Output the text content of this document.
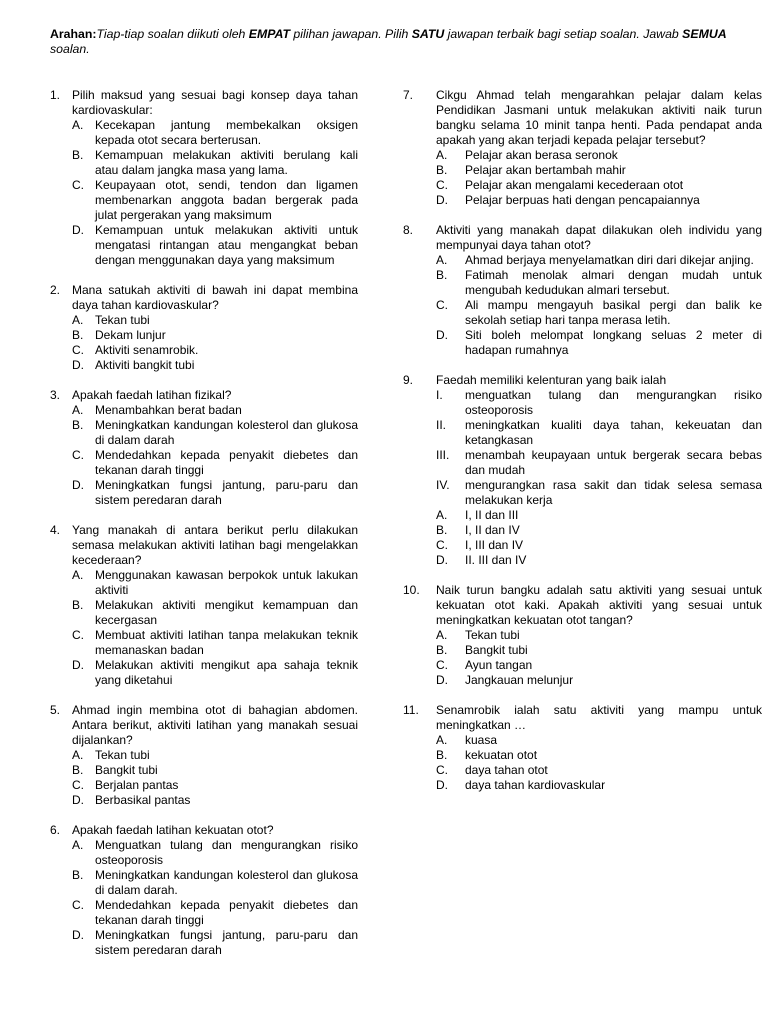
Arahan:Tiap-tiap soalan diikuti oleh EMPAT pilihan jawapan. Pilih SATU jawapan terbaik bagi setiap soalan. Jawab SEMUA soalan.
1. Pilih maksud yang sesuai bagi konsep daya tahan kardiovaskular:
A. Kecekapan jantung membekalkan oksigen kepada otot secara berterusan.
B. Kemampuan melakukan aktiviti berulang kali atau dalam jangka masa yang lama.
C. Keupayaan otot, sendi, tendon dan ligamen membenarkan anggota badan bergerak pada julat pergerakan yang maksimum
D. Kemampuan untuk melakukan aktiviti untuk mengatasi rintangan atau mengangkat beban dengan menggunakan daya yang maksimum
2. Mana satukah aktiviti di bawah ini dapat membina daya tahan kardiovaskular?
A. Tekan tubi
B. Dekam lunjur
C. Aktiviti senamrobik.
D. Aktiviti bangkit tubi
3. Apakah faedah latihan fizikal?
A. Menambahkan berat badan
B. Meningkatkan kandungan kolesterol dan glukosa di dalam darah
C. Mendedahkan kepada penyakit diebetes dan tekanan darah tinggi
D. Meningkatkan fungsi jantung, paru-paru dan sistem peredaran darah
4. Yang manakah di antara berikut perlu dilakukan semasa melakukan aktiviti latihan bagi mengelakkan kecederaan?
A. Menggunakan kawasan berpokok untuk lakukan aktiviti
B. Melakukan aktiviti mengikut kemampuan dan kecergasan
C. Membuat aktiviti latihan tanpa melakukan teknik memanaskan badan
D. Melakukan aktiviti mengikut apa sahaja teknik yang diketahui
5. Ahmad ingin membina otot di bahagian abdomen. Antara berikut, aktiviti latihan yang manakah sesuai dijalankan?
A. Tekan tubi
B. Bangkit tubi
C. Berjalan pantas
D. Berbasikal pantas
6. Apakah faedah latihan kekuatan otot?
A. Menguatkan tulang dan mengurangkan risiko osteoporosis
B. Meningkatkan kandungan kolesterol dan glukosa di dalam darah.
C. Mendedahkan kepada penyakit diebetes dan tekanan darah tinggi
D. Meningkatkan fungsi jantung, paru-paru dan sistem peredaran darah
7. Cikgu Ahmad telah mengarahkan pelajar dalam kelas Pendidikan Jasmani untuk melakukan aktiviti naik turun bangku selama 10 minit tanpa henti. Pada pendapat anda apakah yang akan terjadi kepada pelajar tersebut?
A. Pelajar akan berasa seronok
B. Pelajar akan bertambah mahir
C. Pelajar akan mengalami kecederaan otot
D. Pelajar berpuas hati dengan pencapaiannya
8. Aktiviti yang manakah dapat dilakukan oleh individu yang mempunyai daya tahan otot?
A. Ahmad berjaya menyelamatkan diri dari dikejar anjing.
B. Fatimah menolak almari dengan mudah untuk mengubah kedudukan almari tersebut.
C. Ali mampu mengayuh basikal pergi dan balik ke sekolah setiap hari tanpa merasa letih.
D. Siti boleh melompat longkang seluas 2 meter di hadapan rumahnya
9. Faedah memiliki kelenturan yang baik ialah
I. menguatkan tulang dan mengurangkan risiko osteoporosis
II. meningkatkan kualiti daya tahan, kekeuatan dan ketangkasan
III. menambah keupayaan untuk bergerak secara bebas dan mudah
IV. mengurangkan rasa sakit dan tidak selesa semasa melakukan kerja
A. I, II dan III
B. I, II dan IV
C. I, III dan IV
D. II. III dan IV
10. Naik turun bangku adalah satu aktiviti yang sesuai untuk kekuatan otot kaki. Apakah aktiviti yang sesuai untuk meningkatkan kekuatan otot tangan?
A. Tekan tubi
B. Bangkit tubi
C. Ayun tangan
D. Jangkauan melunjur
11. Senamrobik ialah satu aktiviti yang mampu untuk meningkatkan …
A. kuasa
B. kekuatan otot
C. daya tahan otot
D. daya tahan kardiovaskular
